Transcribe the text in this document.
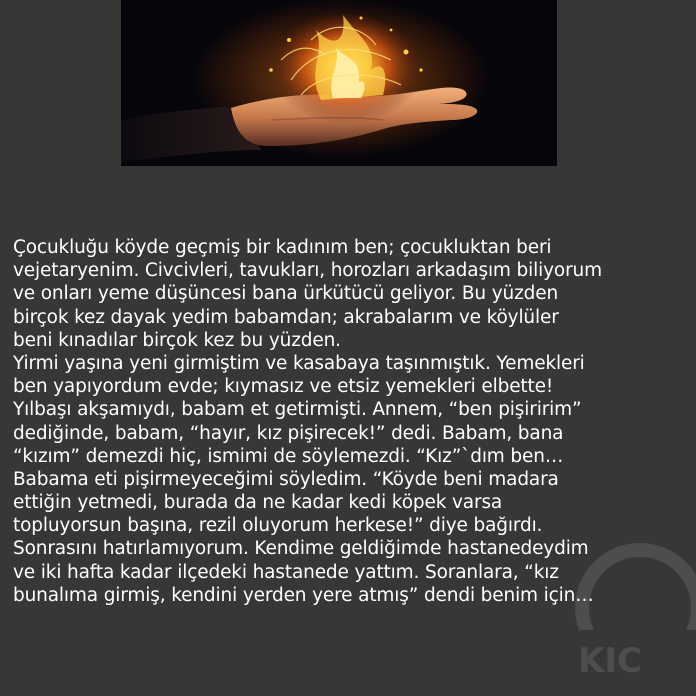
Çocukluğu köyde geçmiş bir kadınım ben; çocukluktan beri
vejetaryenim. Civcivleri, tavukları, horozları arkadaşım biliyorum
ve onları yeme düşüncesi bana ürkütücü geliyor. Bu yüzden
birçok kez dayak yedim babamdan; akrabalarım ve köylüler
beni kınadılar birçok kez bu yüzden.
Yirmi yaşına yeni girmiştim ve kasabaya taşınmıştık. Yemekleri
ben yapıyordum evde; kıymasız ve etsiz yemekleri elbette!
Yılbaşı akşamıydı, babam et getirmişti. Annem, “ben pişiririm”
dediğinde, babam, “hayır, kız pişirecek!” dedi. Babam, bana
“kızım” demezdi hiç, ismimi de söylemezdi. “Kız”`dım ben…
Babama eti pişirmeyeceğimi söyledim. “Köyde beni madara
ettiğin yetmedi, burada da ne kadar kedi köpek varsa
topluyorsun başına, rezil oluyorum herkese!” diye bağırdı.
Sonrasını hatırlamıyorum. Kendime geldiğimde hastanedeydim
ve iki hafta kadar ilçedeki hastanede yattım. Soranlara, “kız
bunalıma girmiş, kendini yerden yere atmış” dendi benim için…
KIC
